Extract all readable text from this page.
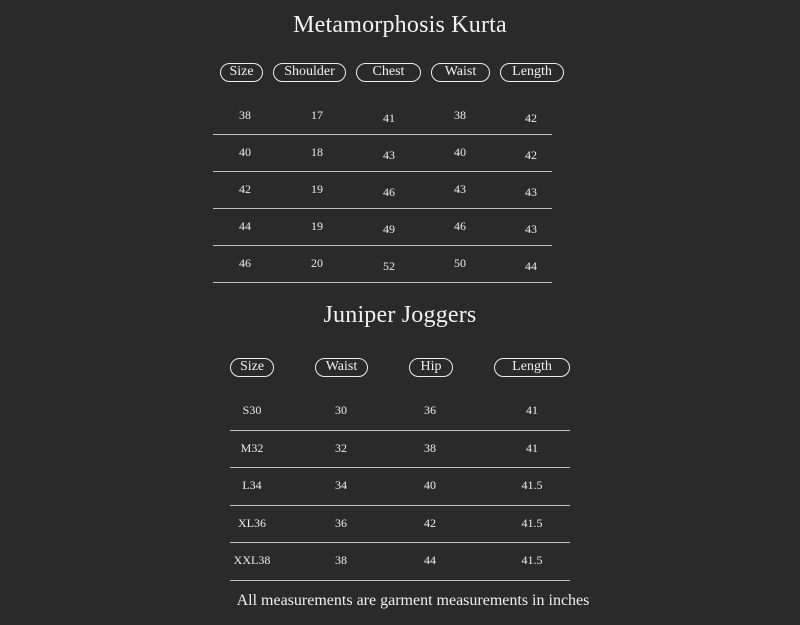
Metamorphosis Kurta
Size	Shoulder	Chest	Waist	Length
38	17	41	38	42
40	18	43	40	42
42	19	46	43	43
44	19	49	46	43
46	20	52	50	44
Juniper Joggers
Size	Waist	Hip	Length
S30	30	36	41
M32	32	38	41
L34	34	40	41.5
XL36	36	42	41.5
XXL38	38	44	41.5
All measurements are garment measurements in inches
